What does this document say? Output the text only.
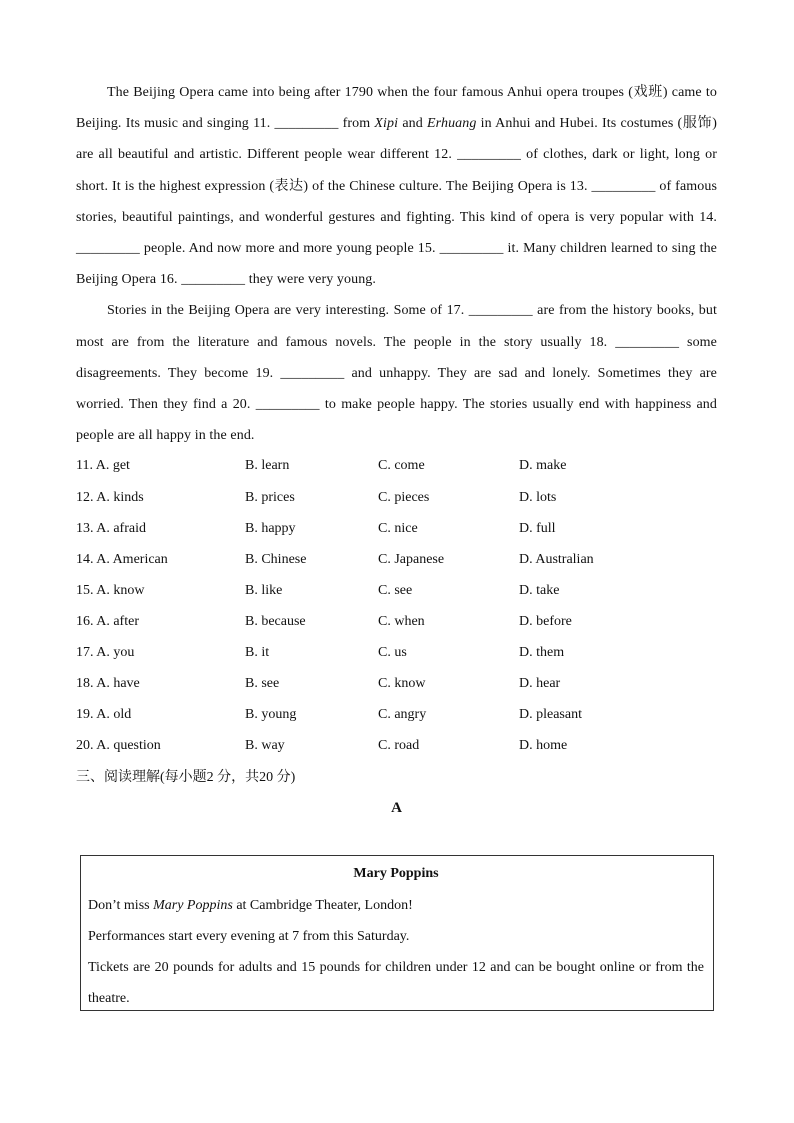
The Beijing Opera came into being after 1790 when the four famous Anhui opera troupes (戏班) came to Beijing. Its music and singing 11. _________ from Xipi and Erhuang in Anhui and Hubei. Its costumes (服饰) are all beautiful and artistic. Different people wear different 12. _________ of clothes, dark or light, long or short. It is the highest expression (表达) of the Chinese culture. The Beijing Opera is 13. _________ of famous stories, beautiful paintings, and wonderful gestures and fighting. This kind of opera is very popular with 14. _________ people. And now more and more young people 15. _________ it. Many children learned to sing the Beijing Opera 16. _________ they were very young.

Stories in the Beijing Opera are very interesting. Some of 17. _________ are from the history books, but most are from the literature and famous novels. The people in the story usually 18. _________ some disagreements. They become 19. _________ and unhappy. They are sad and lonely. Sometimes they are worried. Then they find a 20. _________ to make people happy. The stories usually end with happiness and people are all happy in the end.

11. A. get	B. learn	C. come	D. make
12. A. kinds	B. prices	C. pieces	D. lots
13. A. afraid	B. happy	C. nice	D. full
14. A. American	B. Chinese	C. Japanese	D. Australian
15. A. know	B. like	C. see	D. take
16. A. after	B. because	C. when	D. before
17. A. you	B. it	C. us	D. them
18. A. have	B. see	C. know	D. hear
19. A. old	B. young	C. angry	D. pleasant
20. A. question	B. way	C. road	D. home
三、阅读理解(每小题2 分，共20 分)
A
Mary Poppins

Don’t miss Mary Poppins at Cambridge Theater, London!

Performances start every evening at 7 from this Saturday.

Tickets are 20 pounds for adults and 15 pounds for children under 12 and can be bought online or from the theatre.
